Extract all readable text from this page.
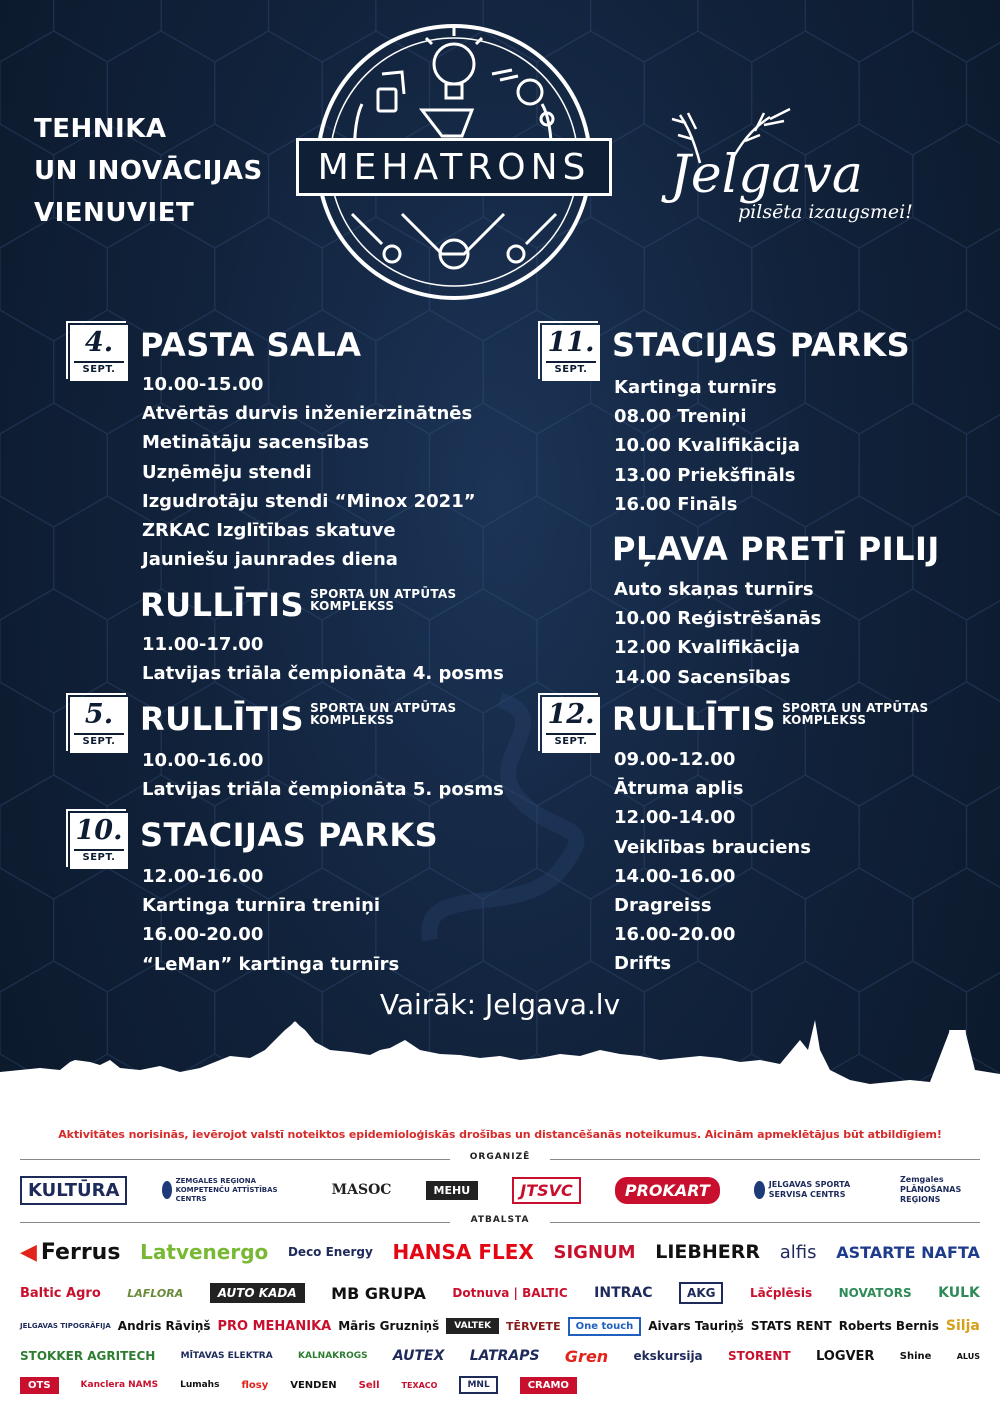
TEHNIKA
UN INOVĀCIJAS
VIENUVIET
MEHATRONS Jelgava
pilsēta izaugsmei!
4.
SEPT.
PASTA SALA
10.00-15.00
Atvērtās durvis inženierzinātnēs
Metinātāju sacensības
Uzņēmēju stendi
Izgudrotāju stendi “Minox 2021”
ZRKAC Izglītības skatuve
Jauniešu jaunrades diena
RULLĪTIS SPORTA UN ATPŪTAS
KOMPLEKSS
11.00-17.00
Latvijas triāla čempionāta 4. posms
5.
SEPT.
RULLĪTIS SPORTA UN ATPŪTAS
KOMPLEKSS
10.00-16.00
Latvijas triāla čempionāta 5. posms
10.
SEPT.
STACIJAS PARKS
12.00-16.00
Kartinga turnīra treniņi
16.00-20.00
“LeMan” kartinga turnīrs
11.
SEPT.
STACIJAS PARKS
Kartinga turnīrs
08.00 Treniņi
10.00 Kvalifikācija
13.00 Priekšfināls
16.00 Fināls
PĻAVA PRETĪ PILIJ
Auto skaņas turnīrs
10.00 Reģistrēšanās
12.00 Kvalifikācija
14.00 Sacensības
12.
SEPT.
RULLĪTIS SPORTA UN ATPŪTAS
KOMPLEKSS
09.00-12.00
Ātruma aplis
12.00-14.00
Veiklības brauciens
14.00-16.00
Dragreiss
16.00-20.00
Drifts
Vairāk: Jelgava.lv
Aktivitātes norisinās, ievērojot valstī noteiktos epidemioloģiskās drošības un distancēšanās noteikumus. Aicinām apmeklētājus būt atbildīgiem!
ORGANIZĒ
KULTŪRA	ZEMGALES REĢIONA KOMPETENČU ATTĪSTĪBAS CENTRS
MASOC	MEHU	JTSVC	PROKART	JELGAVAS SPORTA SERVISA CENTRS
Zemgales PLĀNOŠANAS REĢIONS
ATBALSTA
◀ Ferrus Latvenergo Deco Energy HANSA FLEX SIGNUM LIEBHERR alfis ASTARTE NAFTA
Baltic Agro LAFLORA	AUTO KADA	MB GRUPA Dotnuva | BALTIC INTRAC	AKG	Lāčplēsis NOVATORS KULK
JELGAVAS TIPOGRĀFIJA Andris Rāviņš PRO MEHANIKA Māris Gruzniņš	VALTEK	TĒRVETE	One touch	Aivars Tauriņš STATS RENT Roberts Bernis Silja
STOKKER AGRITECH	MĪTAVAS ELEKTRA	KALNAKROGS AUTEX LATRAPS Gren ekskursija STORENT LOGVER	Shine	ALUS
OTS	Kanclera NAMS Lumahs flosy VENDEN Sell	TEXACO	MNL	CRAMO
